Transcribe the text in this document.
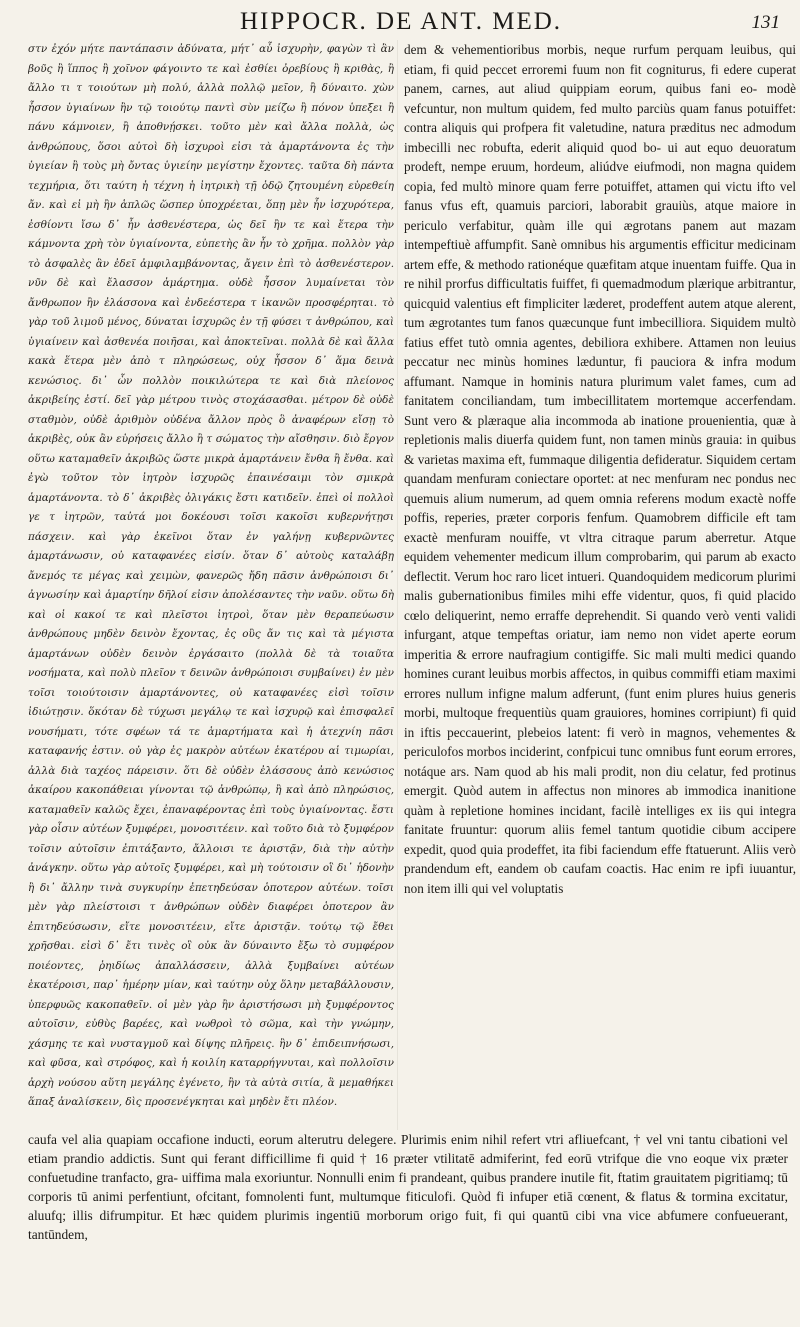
HIPPOCR. DE ANT. MED.	131

στν ἐχόν μήτε παντάπασιν ἀδύνατα, μήτ᾽ αὖ ἰσχυρὴν, φαγὼν τὶ ἂν βοῦς ἢ ἵππος ἢ χοῖνον φάγοιντο τε καὶ ἐσθίει ὀρεβίους ἢ κριθὰς, ἢ ἄλλο τι τ τοιούτων μὴ πολύ, ἀλλὰ πολλῷ μεῖον, ἢ δύναιτο. χὼν ἦσσον ὑγιαίνων ἢν τῷ τοιούτῳ παντὶ σὺν μείζω ἢ πόνον ὑπεξει ἢ πάνυ κάμνοιεν, ἢ ἀποθνῄσκει. τοῦτο μὲν καὶ ἄλλα πολλὰ, ὡς ἀνθρώπους, ὅσοι αὐτοὶ δὴ ἰσχυροὶ εἰσι τὰ ἀμαρτάνοντα ἐς τὴν ὑγιείαν ἢ τοὺς μὴ ὄντας ὑγιείην μεγίστην ἔχοντες. ταῦτα δὴ πάντα τεχμήρια, ὅτι ταύτη ἡ τέχνη ἡ ἰητρικὴ τῇ ὁδῷ ζητουμένη εὑρεθείη ἄν. καὶ εἰ μὴ ἢν ἁπλῶς ὥσπερ ὑποχρέεται, ὅπῃ μὲν ἦν ἰσχυρότερα, ἐσθίοντι ἴσω δ᾽ ἦν ἀσθενέστερα, ὡς δεῖ ἢν τε καὶ ἕτερα τὴν κάμνοντα χρὴ τὸν ὑγιαίνοντα, εὐπετὴς ἂν ἦν τὸ χρῆμα. πολλὸν γὰρ τὸ ἀσφαλὲς ἂν ἐδεῖ ἀμφιλαμβάνοντας, ἄγειν ἐπὶ τὸ ἀσθενέστερον. νῦν δὲ καὶ ἔλασσον ἁμάρτημα. οὐδὲ ἧσσον λυμαίνεται τὸν ἄνθρωπον ἢν ἐλάσσονα καὶ ἐνδεέστερα τ ἱκανῶν προσφέρηται. τὸ γὰρ τοῦ λιμοῦ μένος, δύναται ἰσχυρῶς ἐν τῇ φύσει τ ἀνθρώπου, καὶ ὑγιαίνειν καὶ ἀσθενέα ποιῆσαι, καὶ ἀποκτεῖναι. πολλὰ δὲ καὶ ἄλλα κακὰ ἕτερα μὲν ἀπὸ τ πληρώσεως, οὐχ ἧσσον δ᾽ ἅμα δεινὰ κενώσιος. δι᾽ ὧν πολλὸν ποικιλώτερα τε καὶ διὰ πλείονος ἀκριβείης ἐστί. δεῖ γὰρ μέτρου τινὸς στοχάσασθαι. μέτρον δὲ οὐδὲ σταθμὸν, οὐδὲ ἀριθμὸν οὐδένα ἄλλον πρὸς ὃ ἀναφέρων εἴσῃ τὸ ἀκριβὲς, οὐκ ἂν εὑρήσεις ἄλλο ἢ τ σώματος τὴν αἴσθησιν. διὸ ἔργον οὕτω καταμαθεῖν ἀκριβῶς ὥστε μικρὰ ἁμαρτάνειν ἔνθα ἢ ἔνθα. καὶ ἐγὼ τοῦτον τὸν ἰητρὸν ἰσχυρῶς ἐπαινέσαιμι τὸν σμικρὰ ἁμαρτάνοντα. τὸ δ᾽ ἀκριβὲς ὀλιγάκις ἔστι κατιδεῖν. ἐπεὶ οἱ πολλοὶ γε τ ἰητρῶν, ταὐτά μοι δοκέουσι τοῖσι κακοῖσι κυβερνήτῃσι πάσχειν. καὶ γὰρ ἐκεῖνοι ὅταν ἐν γαλήνῃ κυβερνῶντες ἁμαρτάνωσιν, οὐ καταφανέες εἰσίν. ὅταν δ᾽ αὐτοὺς καταλάβῃ ἄνεμός τε μέγας καὶ χειμὼν, φανερῶς ἤδη πᾶσιν ἀνθρώποισι δι᾽ ἀγνωσίην καὶ ἁμαρτίην δῆλοί εἰσιν ἀπολέσαντες τὴν ναῦν. οὕτω δὴ καὶ οἱ κακοί τε καὶ πλεῖστοι ἰητροὶ, ὅταν μὲν θεραπεύωσιν ἀνθρώπους μηδὲν δεινὸν ἔχοντας, ἐς οὓς ἄν τις καὶ τὰ μέγιστα ἁμαρτάνων οὐδὲν δεινὸν ἐργάσαιτο (πολλὰ δὲ τὰ τοιαῦτα νοσήματα, καὶ πολὺ πλεῖον τ δεινῶν ἀνθρώποισι συμβαίνει) ἐν μὲν τοῖσι τοιούτοισιν ἁμαρτάνοντες, οὐ καταφανέες εἰσὶ τοῖσιν ἰδιώτῃσιν. ὅκόταν δὲ τύχωσι μεγάλῳ τε καὶ ἰσχυρῷ καὶ ἐπισφαλεῖ νουσήματι, τότε σφέων τά τε ἁμαρτήματα καὶ ἡ ἀτεχνίη πᾶσι καταφανής ἐστιν. οὐ γὰρ ἐς μακρὸν αὐτέων ἑκατέρου αἱ τιμωρίαι, ἀλλὰ διὰ ταχέος πάρεισιν. ὅτι δὲ οὐδὲν ἐλάσσους ἀπὸ κενώσιος ἀκαίρου κακοπάθειαι γίνονται τῷ ἀνθρώπῳ, ἢ καὶ ἀπὸ πληρώσιος, καταμαθεῖν καλῶς ἔχει, ἐπαναφέροντας ἐπὶ τοὺς ὑγιαίνοντας. ἔστι γὰρ οἷσιν αὐτέων ξυμφέρει, μονοσιτέειν. καὶ τοῦτο διὰ τὸ ξυμφέρον τοῖσιν αὐτοῖσιν ἐπιτάξαντο, ἄλλοισι τε ἀριστᾷν, διὰ τὴν αὐτὴν ἀνάγκην. οὕτω γὰρ αὐτοῖς ξυμφέρει, καὶ μὴ τούτοισιν οἳ δι᾽ ἡδονὴν ἢ δι᾽ ἄλλην τινὰ συγκυρίην ἐπετηδεύσαν ὁποτερον αὐτέων. τοῖσι μὲν γὰρ πλείστοισι τ ἀνθρώπων οὐδὲν διαφέρει ὁποτερον ἂν ἐπιτηδεύσωσιν, εἴτε μονοσιτέειν, εἴτε ἀριστᾷν. τούτῳ τῷ ἔθει χρῆσθαι. εἰσὶ δ᾽ ἔτι τινὲς οἳ οὐκ ἂν δύναιντο ἔξω τὸ συμφέρον ποιέοντες, ῥηιδίως ἀπαλλάσσειν, ἀλλὰ ξυμβαίνει αὐτέων ἑκατέροισι, παρ᾽ ἡμέρην μίαν, καὶ ταύτην οὐχ ὅλην μεταβάλλουσιν, ὑπερφυῶς κακοπαθεῖν. οἱ μὲν γὰρ ἢν ἀριστήσωσι μὴ ξυμφέροντος αὐτοῖσιν, εὐθὺς βαρέες, καὶ νωθροὶ τὸ σῶμα, καὶ τὴν γνώμην, χάσμης τε καὶ νυσταγμοῦ καὶ δίψης πλῆρεις. ἢν δ᾽ ἐπιδειπνήσωσι, καὶ φῦσα, καὶ στρόφος, καὶ ἡ κοιλίη καταρρήγνυται, καὶ πολλοῖσιν ἀρχὴ νούσου αὕτη μεγάλης ἐγένετο, ἢν τὰ αὐτὰ σιτία, ἃ μεμαθήκει ἅπαξ ἀναλίσκειν, δὶς προσενέγκηται καὶ μηδὲν ἔτι πλέον.

dem & vehementioribus morbis, neque rurfum perquam leuibus, qui etiam, fi quid peccet erroremi fuum non fit cogniturus, fi edere cuperat panem, carnes, aut aliud quippiam eorum, quibus fani eo- modè vefcuntur, non multum quidem, fed multo parciùs quam fanus potuiffet: contra aliquis qui profpera fit valetudine, natura præditus nec admodum imbecilli nec robufta, ederit aliquid quod bo- ui aut equo deuoratum prodeft, nempe eruum, hordeum, aliúdve eiufmodi, non magna quidem copia, fed multò minore quam ferre potuiffet, attamen qui victu ifto vel fanus vfus eft, quamuis parciori, laborabit grauiùs, atque maiore in periculo verfabitur, quàm ille qui ægrotans panem aut mazam intempeftiuè affumpfit. Sanè omnibus his argumentis efficitur medicinam artem effe, & methodo rationéque quæfitam atque inuentam fuiffe. Qua in re nihil prorfus difficultatis fuiffet, fi quemadmodum plærique arbitrantur, quicquid valentius eft fimpliciter læderet, prodeffent autem atque alerent, tum ægrotantes tum fanos quæcunque funt imbecilliora. Siquidem multò fatius effet tutò omnia agentes, debiliora exhibere. Attamen non leuius peccatur nec minùs homines læduntur, fi pauciora & infra modum affumant. Namque in hominis natura plurimum valet fames, cum ad fanitatem conciliandam, tum imbecillitatem mortemque accerfendam. Sunt vero & plæraque alia incommoda ab inatione prouenientia, quæ à repletionis malis diuerfa quidem funt, non tamen minùs grauia: in quibus & varietas maxima eft, fummaque diligentia defideratur. Siquidem certam quandam menfuram coniectare oportet: at nec menfuram nec pondus nec quemuis alium numerum, ad quem omnia referens modum exactè noffe poffis, reperies, præter corporis fenfum. Quamobrem difficile eft tam exactè menfuram nouiffe, vt vltra citraque parum aberretur. Atque equidem vehementer medicum illum comprobarim, qui parum ab exacto deflectit. Verum hoc raro licet intueri. Quandoquidem medicorum plurimi malis gubernationibus fimiles mihi effe videntur, quos, fi quid placido cœlo deliquerint, nemo erraffe deprehendit. Si quando verò venti validi infurgant, atque tempeftas oriatur, iam nemo non videt aperte eorum imperitia & errore naufragium contigiffe. Sic mali multi medici quando homines curant leuibus morbis affectos, in quibus commiffi etiam maximi errores nullum infigne malum adferunt, (funt enim plures huius generis morbi, multoque frequentiùs quam grauiores, homines corripiunt) fi quid in iftis peccauerint, plebeios latent: fi verò in magnos, vehementes & periculofos morbos inciderint, confpicui tunc omnibus funt eorum errores, notáque ars. Nam quod ab his mali prodit, non diu celatur, fed protinus emergit. Quòd autem in affectus non minores ab immodica inanitione quàm à repletione homines incidant, facilè intelliges ex iis qui integra fanitate fruuntur: quorum aliis femel tantum quotidie cibum accipere expedit, quod quia prodeffet, ita fibi faciendum effe ftatuerunt. Aliis verò prandendum eft, eandem ob caufam coactis. Hac enim re ipfi iuuantur, non item illi qui vel voluptatis

caufa vel alia quapiam occafione inducti, eorum alterutru delegere. Plurimis enim nihil refert vtri afliuefcant, † vel vni tantu cibationi vel etiam prandio addictis. Sunt qui ferant difficillime fi quid † 16 præter vtilitatē admiferint, fed eorū vtrifque die vno eoque vix præter confuetudine tranfacto, gra- uiffima mala exoriuntur. Nonnulli enim fi prandeant, quibus prandere inutile fit, ftatim grauitatem pigritiamq; tū corporis tū animi perfentiunt, ofcitant, fomnolenti funt, multumque fiticulofi. Quòd fi infuper etiā cœnent, & flatus & tormina excitatur, aluufq; illis difrumpitur. Et hæc quidem plurimis ingentiū morborum origo fuit, fi qui quantū cibi vna vice abfumere confueuerant, tantūndem,
